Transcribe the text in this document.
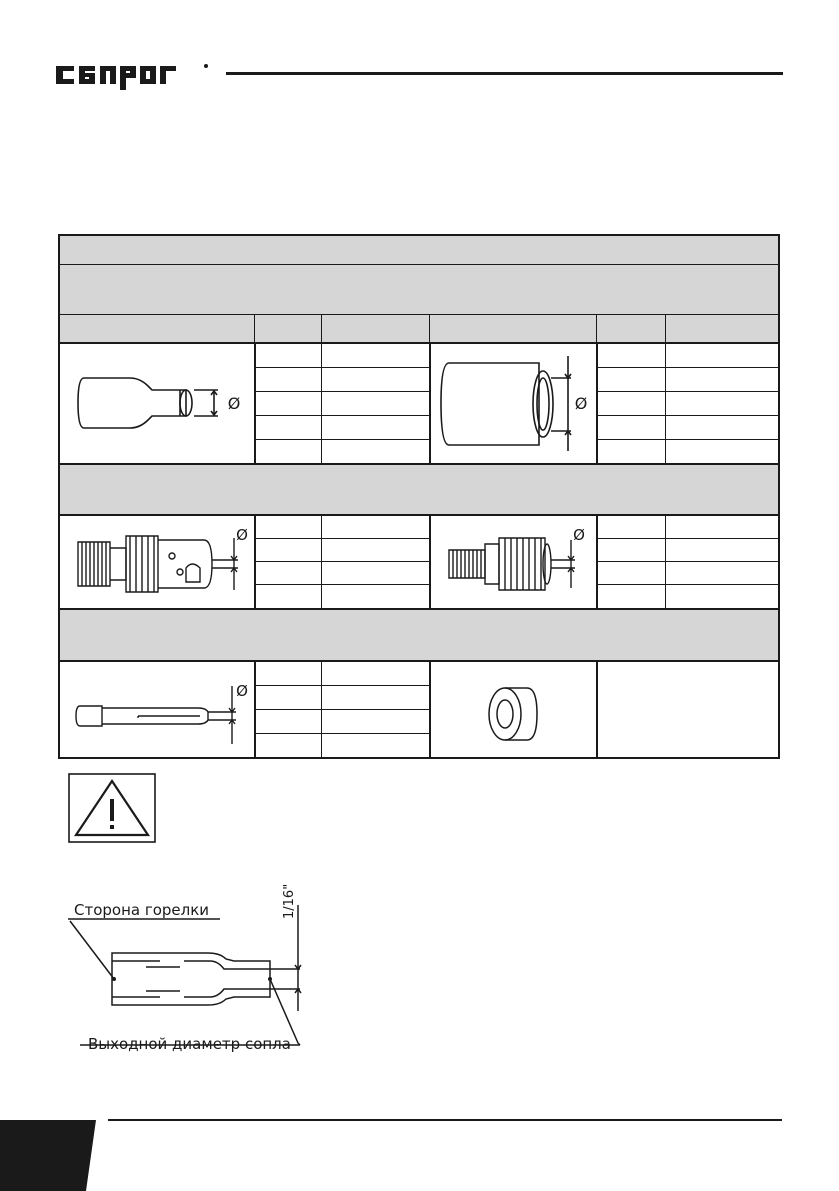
Ø	Ø
Ø	Ø
Ø
Сторона горелки
Выходной диаметр сопла
1/16"
